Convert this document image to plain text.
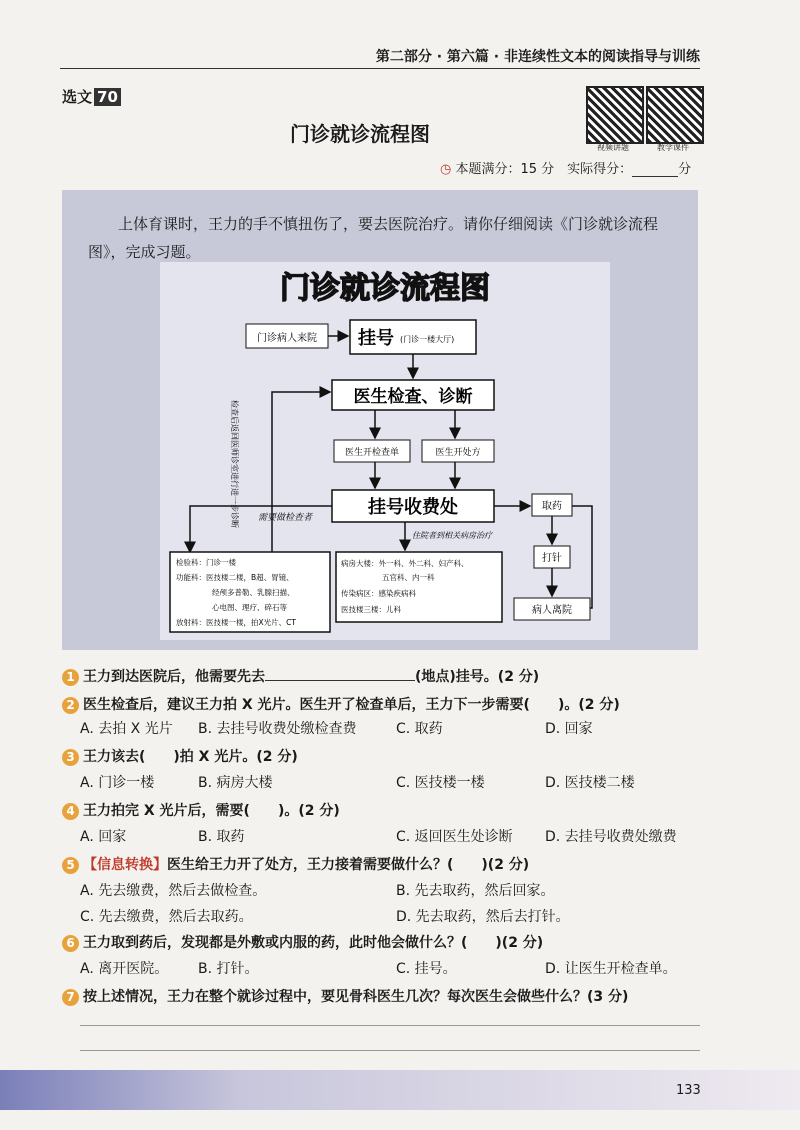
第二部分 · 第六篇 · 非连续性文本的阅读指导与训练
选文 70
门诊就诊流程图
视频讲题	教学课件
◷ 本题满分：15 分　实际得分：	分
上体育课时，王力的手不慎扭伤了，要去医院治疗。请你仔细阅读《门诊就诊流程图》，完成习题。
门诊就诊流程图
门诊病人来院 挂号 (门诊一楼大厅)
医生检查、诊断
医生开检查单	医生开处方
挂号收费处
需要做检查者
检查后返回医师诊室进行进一步诊断
住院者到相关病房治疗
取药
打针
病人离院
检验科：门诊一楼
功能科：医技楼二楼，B超、胃镜、
经颅多普勒、乳腺扫描、
心电图、理疗、碎石等
放射科：医技楼一楼，拍X光片、CT
病房大楼：外一科、外二科、妇产科、
五官科、内一科
传染病区：感染疾病科
医技楼三楼：儿科
1 王力到达医院后，他需要先去	(地点)挂号。(2 分)
2 医生检查后，建议王力拍 X 光片。医生开了检查单后，王力下一步需要(　　)。(2 分)
A. 去拍 X 光片 B. 去挂号收费处缴检查费	C. 取药	D. 回家
3 王力该去(　　)拍 X 光片。(2 分)
A. 门诊一楼	B. 病房大楼	C. 医技楼一楼	D. 医技楼二楼
4 王力拍完 X 光片后，需要(　　)。(2 分)
A. 回家	B. 取药	C. 返回医生处诊断 D. 去挂号收费处缴费
5 【信息转换】医生给王力开了处方，王力接着需要做什么？(　　)(2 分)
A. 先去缴费，然后去做检查。	B. 先去取药，然后回家。
C. 先去缴费，然后去取药。	D. 先去取药，然后去打针。
6 王力取到药后，发现都是外敷或内服的药，此时他会做什么？(　　)(2 分)
A. 离开医院。 B. 打针。	C. 挂号。	D. 让医生开检查单。
7 按上述情况，王力在整个就诊过程中，要见骨科医生几次？每次医生会做些什么？(3 分)
133
